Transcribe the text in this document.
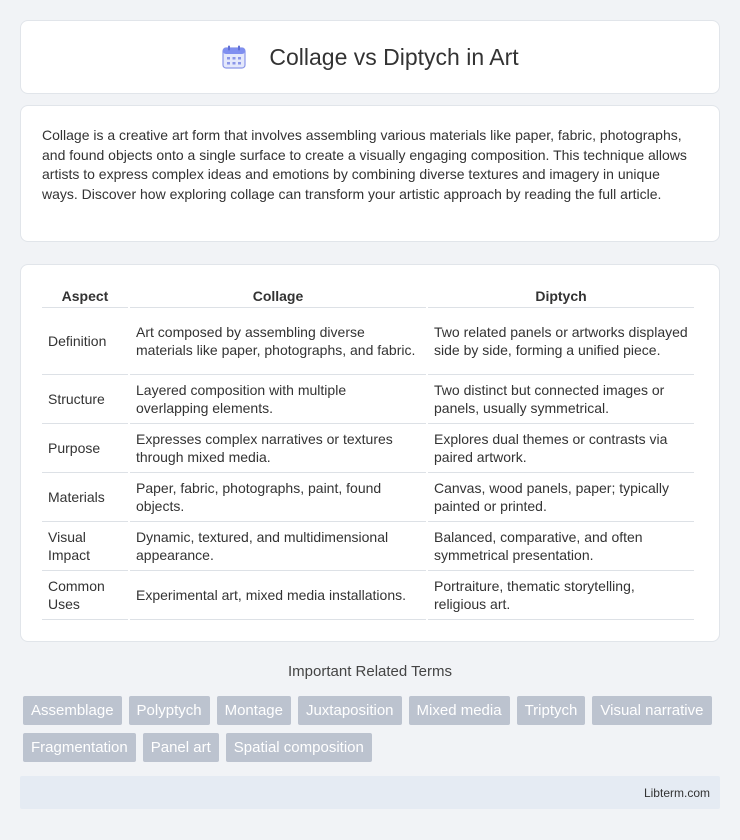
Collage vs Diptych in Art

Collage is a creative art form that involves assembling various materials like paper, fabric, photographs, and found objects onto a single surface to create a visually engaging composition. This technique allows artists to express complex ideas and emotions by combining diverse textures and imagery in unique ways. Discover how exploring collage can transform your artistic approach by reading the full article.

Aspect	Collage	Diptych
Definition	Art composed by assembling diverse materials like paper, photographs, and fabric.	Two related panels or artworks displayed side by side, forming a unified piece.
Structure	Layered composition with multiple overlapping elements.	Two distinct but connected images or panels, usually symmetrical.
Purpose	Expresses complex narratives or textures through mixed media.	Explores dual themes or contrasts via paired artwork.
Materials	Paper, fabric, photographs, paint, found objects.	Canvas, wood panels, paper; typically painted or printed.
Visual Impact	Dynamic, textured, and multidimensional appearance.	Balanced, comparative, and often symmetrical presentation.
Common Uses	Experimental art, mixed media installations.	Portraiture, thematic storytelling, religious art.
Important Related Terms
Assemblage	Polyptych	Montage	Juxtaposition	Mixed media	Triptych	Visual narrative
Fragmentation	Panel art	Spatial composition
Libterm.com
